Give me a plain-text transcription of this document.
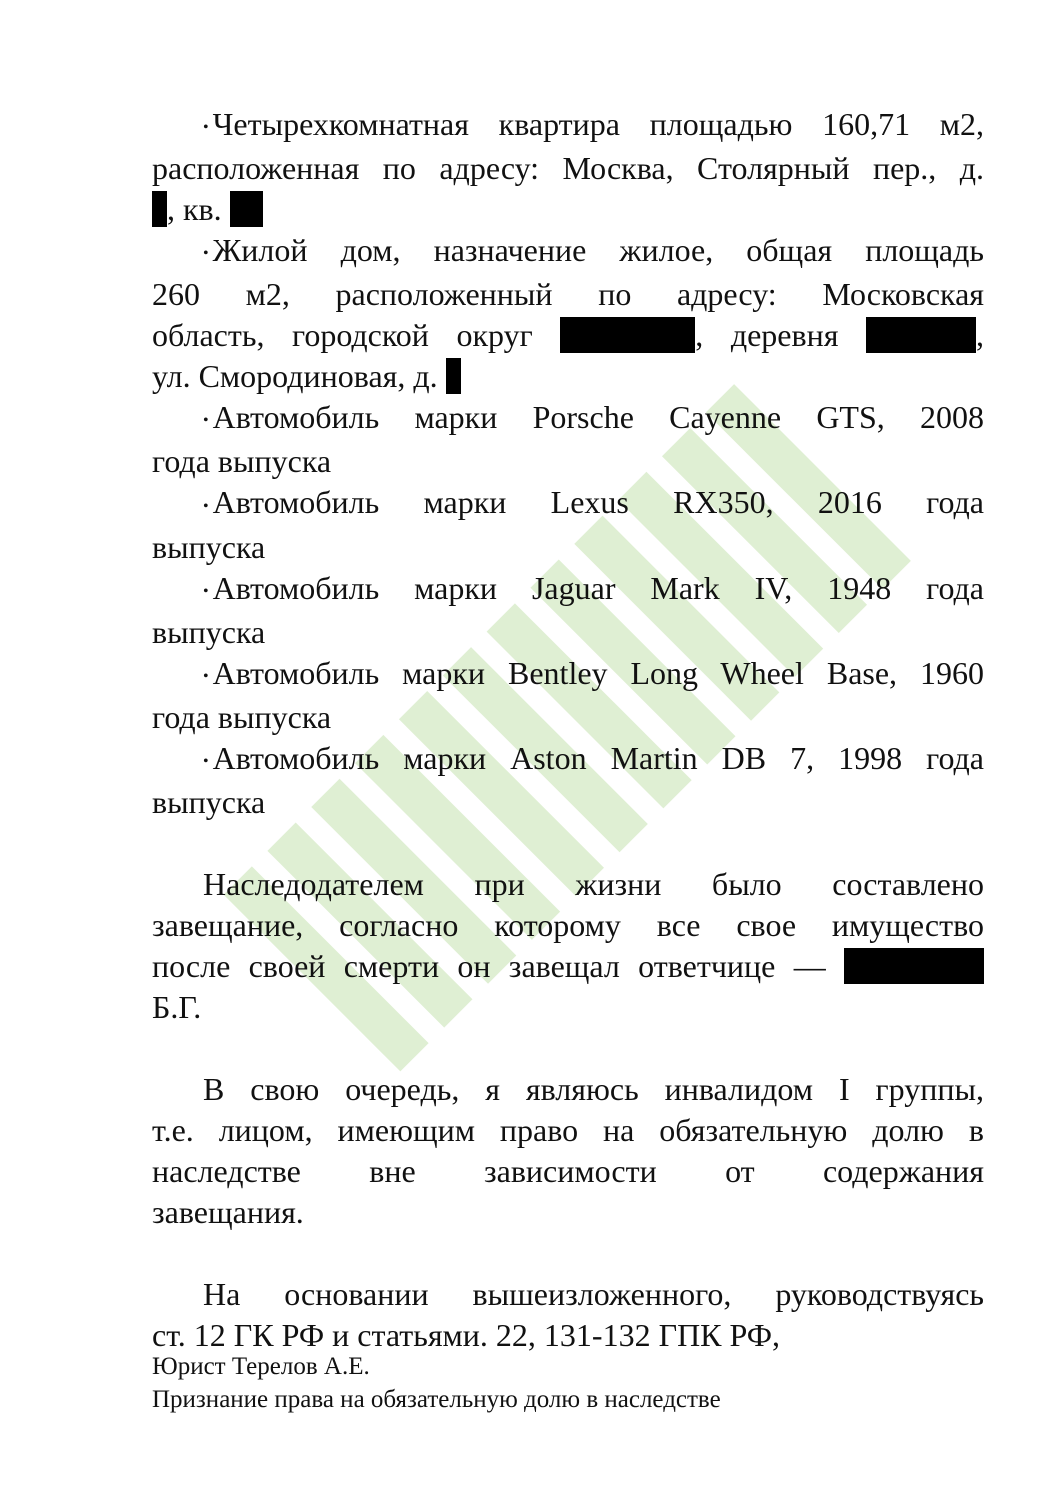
• Четырехкомнатная квартира площадью 160,71 м2,
расположенная по адресу: Москва, Столярный пер., д.
, кв.
• Жилой дом, назначение жилое, общая площадь
260 м2, расположенный по адресу: Московская
область, городской округ	, деревня	,
ул. Смородиновая, д.
• Автомобиль марки Porsche Cayenne GTS, 2008
года выпуска
• Автомобиль марки Lexus RX350, 2016 года
выпуска
• Автомобиль марки Jaguar Mark IV, 1948 года
выпуска
• Автомобиль марки Bentley Long Wheel Base, 1960
года выпуска
• Автомобиль марки Aston Martin DB 7, 1998 года
выпуска
Наследодателем при жизни было составлено
завещание, согласно которому все свое имущество
после своей смерти он завещал ответчице —
Б.Г.
В свою очередь, я являюсь инвалидом I группы,
т.е. лицом, имеющим право на обязательную долю в
наследстве вне зависимости от содержания
завещания.
На основании вышеизложенного, руководствуясь
ст. 12 ГК РФ и статьями. 22, 131-132 ГПК РФ,
Юрист Терелов А.Е.
Признание права на обязательную долю в наследстве
